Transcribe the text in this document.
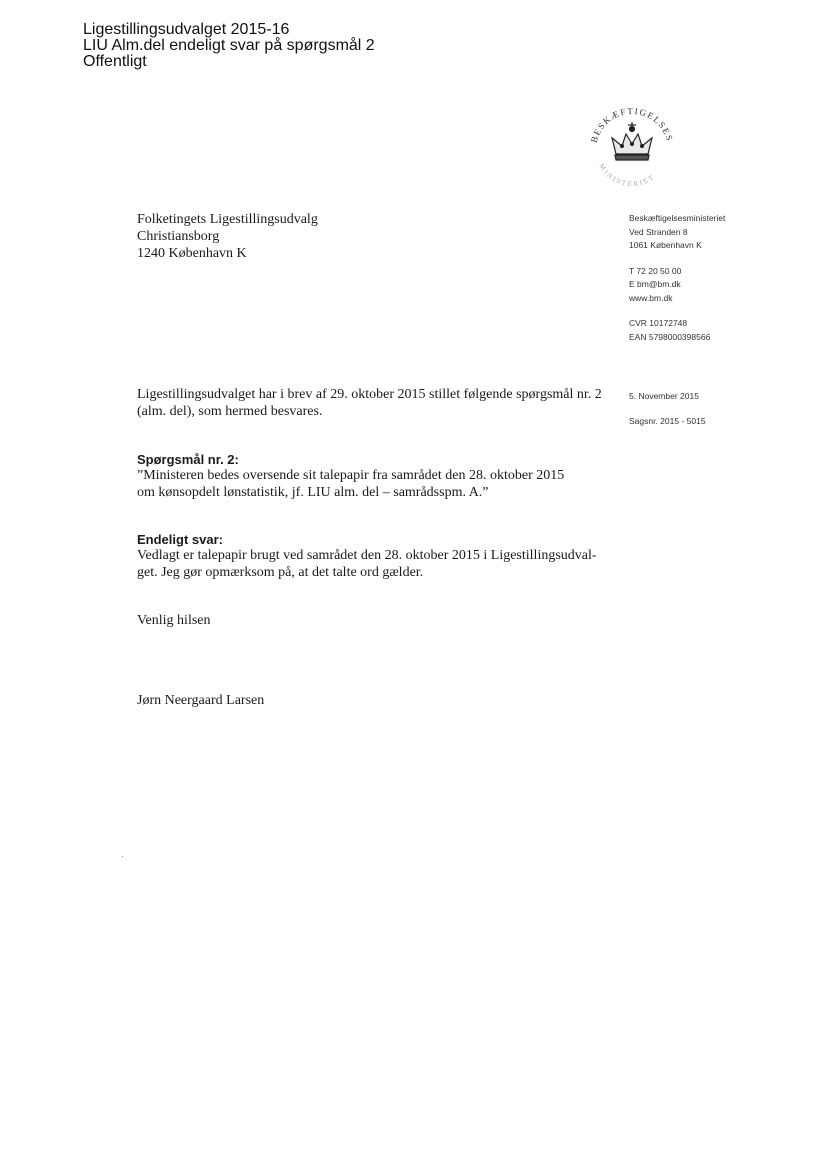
Ligestillingsudvalget 2015-16
LIU Alm.del endeligt svar på spørgsmål 2
Offentligt
BESKÆFTIGELSES
MINISTERIET
Folketingets Ligestillingsudvalg
Christiansborg
1240 København K
Beskæftigelsesministeriet
Ved Stranden 8
1061 København K
T 72 20 50 00
E bm@bm.dk
www.bm.dk
CVR 10172748
EAN 5798000398566
5. November 2015
Sagsnr. 2015 - 5015
Ligestillingsudvalget har i brev af 29. oktober 2015 stillet følgende spørgsmål nr. 2
(alm. del), som hermed besvares.
Spørgsmål nr. 2:
”Ministeren bedes oversende sit talepapir fra samrådet den 28. oktober 2015
om kønsopdelt lønstatistik, jf. LIU alm. del – samrådsspm. A.”
Endeligt svar:
Vedlagt er talepapir brugt ved samrådet den 28. oktober 2015 i Ligestillingsudval-
get. Jeg gør opmærksom på, at det talte ord gælder.
Venlig hilsen
Jørn Neergaard Larsen
